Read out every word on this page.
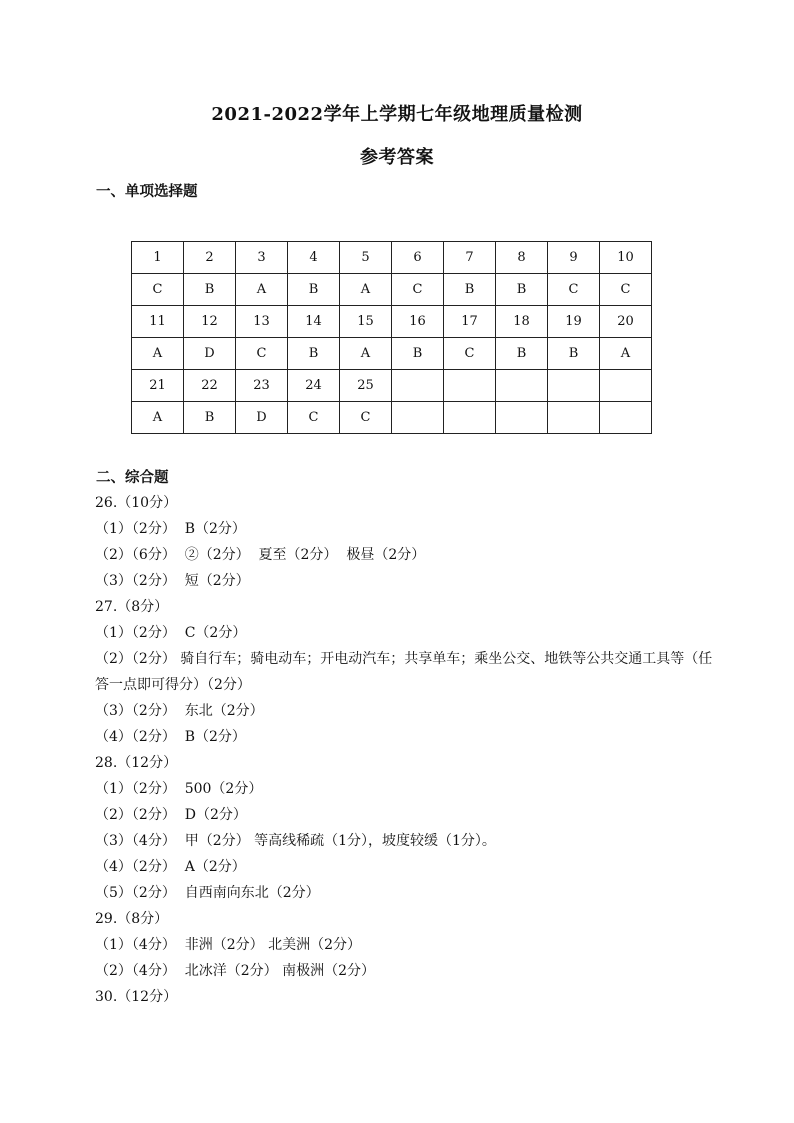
2021-2022学年上学期七年级地理质量检测
参考答案
一、单项选择题
1	2	3	4	5	6	7	8	9	10
C	B	A	B	A	C	B	B	C	C
11	12	13	14	15	16	17	18	19	20
A	D	C	B	A	B	C	B	B	A
21	22	23	24	25					
A	B	D	C	C					
二、综合题
26.（10分）
（1）（2分）  B（2分）
（2）（6分）  ②（2分）  夏至（2分）  极昼（2分）
（3）（2分）  短（2分）
27.（8分）
（1）（2分）  C（2分）
（2）（2分） 骑自行车；骑电动车；开电动汽车；共享单车；乘坐公交、地铁等公共交通工具等（任答一点即可得分）（2分）
（3）（2分）  东北（2分）
（4）（2分）  B（2分）
28.（12分）
（1）（2分）  500（2分）
（2）（2分）  D（2分）
（3）（4分）  甲（2分） 等高线稀疏（1分），坡度较缓（1分）。
（4）（2分）  A（2分）
（5）（2分）  自西南向东北（2分）
29.（8分）
（1）（4分）  非洲（2分） 北美洲（2分）
（2）（4分）  北冰洋（2分） 南极洲（2分）
30.（12分）
